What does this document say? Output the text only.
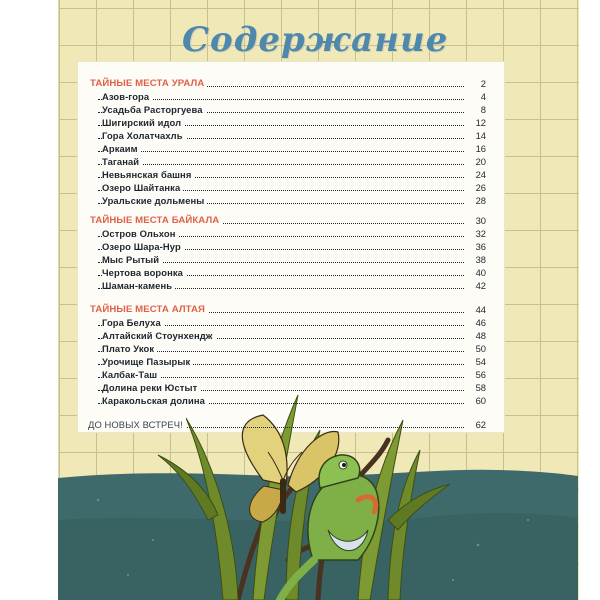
Содержание
ТАЙНЫЕ МЕСТА УРАЛА	2
Азов-гора	4
Усадьба Расторгуева	8
Шигирский идол	12
Гора Холатчахль	14
Аркаим	16
Таганай	20
Невьянская башня	24
Озеро Шайтанка	26
Уральские дольмены	28
ТАЙНЫЕ МЕСТА БАЙКАЛА	30
Остров Ольхон	32
Озеро Шара-Нур	36
Мыс Рытый	38
Чертова воронка	40
Шаман-камень	42
ТАЙНЫЕ МЕСТА АЛТАЯ	44
Гора Белуха	46
Алтайский Стоунхендж	48
Плато Укок	50
Урочище Пазырык	54
Калбак-Таш	56
Долина реки Юстыт	58
Каракольская долина	60
ДО НОВЫХ ВСТРЕЧ!	62
